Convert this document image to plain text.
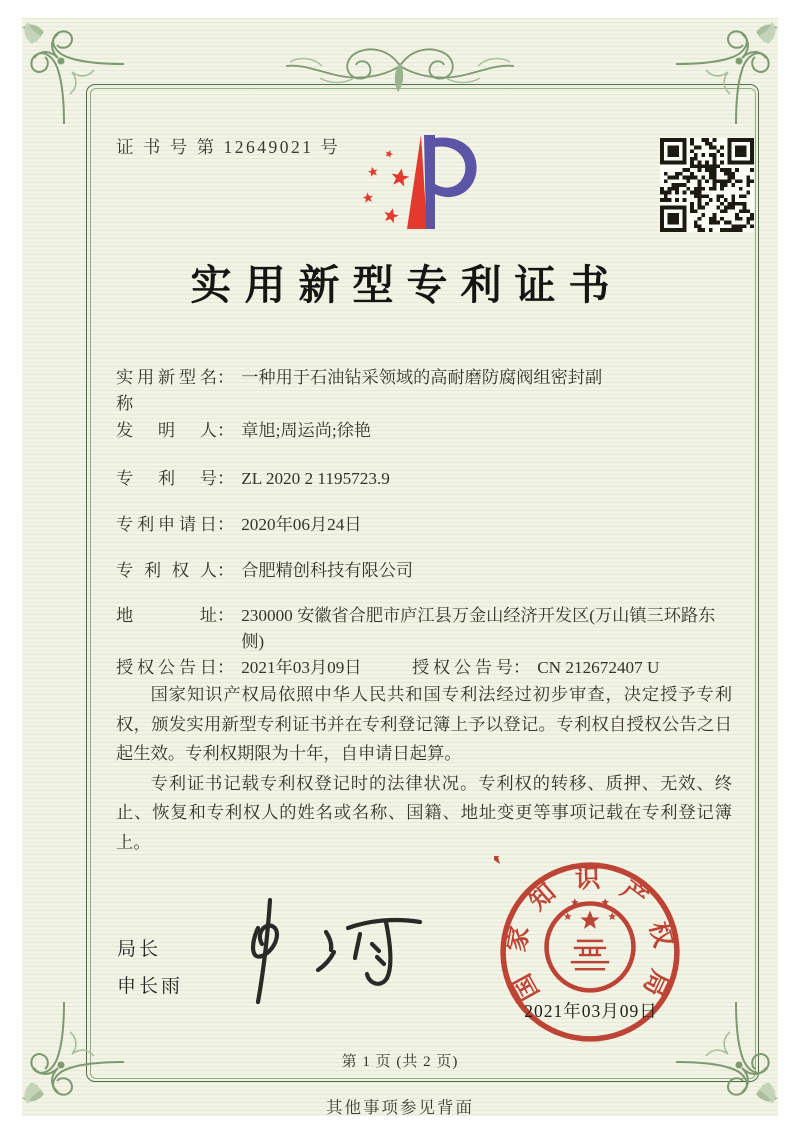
证 书 号 第 12649021 号
实用新型专利证书
实用新型名称
： 一种用于石油钻采领域的高耐磨防腐阀组密封副
发明人 ： 章旭;周运尚;徐艳
专利号 ： ZL 2020 2 1195723.9
专利申请日 ： 2020年06月24日
专利权人 ： 合肥精创科技有限公司
地址 ： 230000 安徽省合肥市庐江县万金山经济开发区(万山镇三环路东侧)
授权公告日 ： 2021年03月09日	授权公告号 ： CN 212672407 U

国家知识产权局依照中华人民共和国专利法经过初步审查，决定授予专利权，颁发实用新型专利证书并在专利登记簿上予以登记。专利权自授权公告之日起生效。专利权期限为十年，自申请日起算。

专利证书记载专利权登记时的法律状况。专利权的转移、质押、无效、终止、恢复和专利权人的姓名或名称、国籍、地址变更等事项记载在专利登记簿上。

局长
申长雨	国家知识产权局
2021年03月09日
第 1 页 (共 2 页)
其他事项参见背面
